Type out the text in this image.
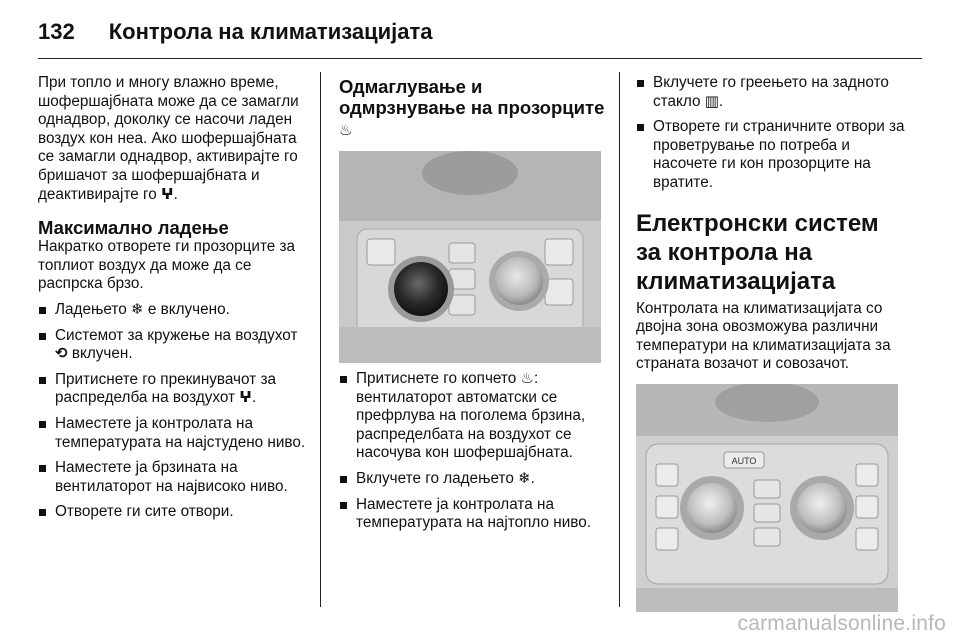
132 Контрола на климатизацијата

При топло и многу влажно време, шофершајбната може да се замагли однадвор, доколку се насочи ладен воздух кон неа. Ако шофершајбната се замагли однадвор, активирајте го бришачот за шофершајбната и деактивирајте го ⵖ.

Максимално ладење

Накратко отворете ги прозорците за топлиот воздух да може да се распрска брзо.

Ладењето ❄ е вклучено.
Системот за кружење на воздухот ⟲ вклучен.
Притиснете го прекинувачот за распределба на воздухот ⵖ.
Наместете ја контролата на температурата на најстудено ниво.
Наместете ја брзината на вентилаторот на највисоко ниво.
Отворете ги сите отвори.
Одмаглување и одмрзнување на прозорците ♨
Притиснете го копчето ♨: вентилаторот автоматски се префрлува на поголема брзина, распределбата на воздухот се насочува кон шофершајбната.
Вклучете го ладењето ❄.
Наместете ја контролата на температурата на најтопло ниво.
Вклучете го греењето на задното стакло ▥.
Отворете ги страничните отвори за проветрување по потреба и насочете ги кон прозорците на вратите.
Електронски систем за контрола на климатизацијата

Контролата на климатизацијата со двојна зона овозможува различни температури на климатизацијата за страната возачот и совозачот.

AUTO
carmanualsonline.info
